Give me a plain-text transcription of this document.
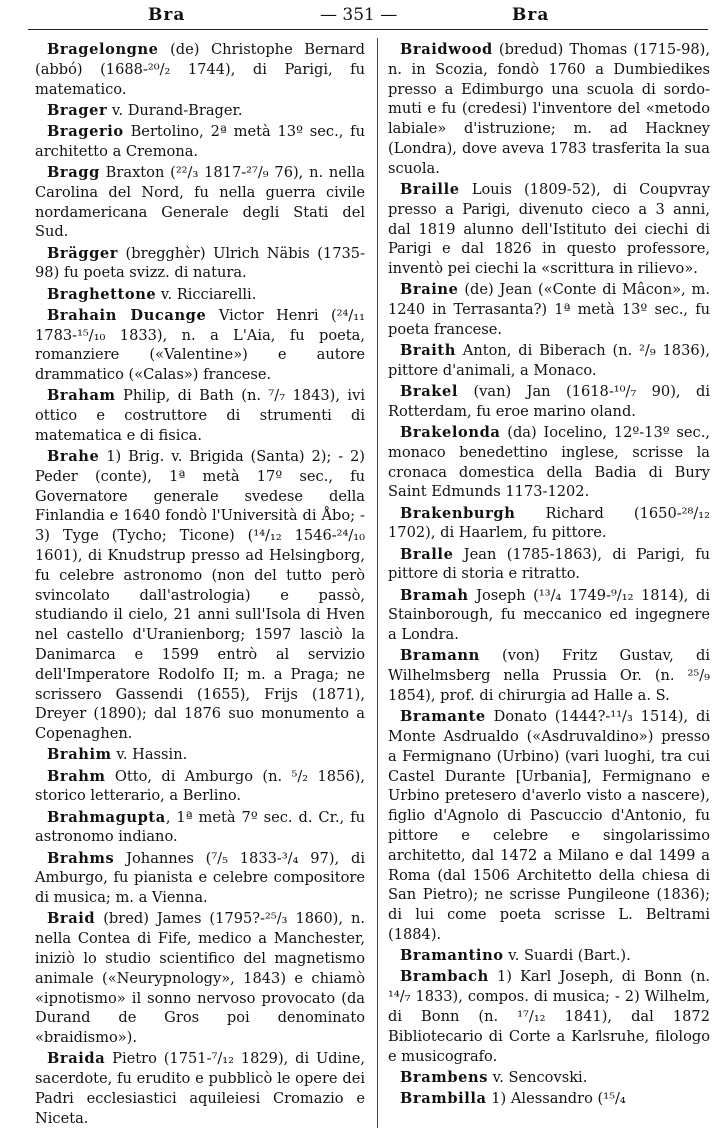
Bra	— 351 —	Bra

Bragelongne (de) Christophe Bernard (abbó) (1688-²⁰/₂ 1744), di Parigi, fu matematico.

Brager v. Durand-Brager.

Bragerio Bertolino, 2ª metà 13º sec., fu architetto a Cremona.

Bragg Braxton (²²/₃ 1817-²⁷/₉ 76), n. nella Carolina del Nord, fu nella guerra civile nordamericana Generale degli Stati del Sud.

Brägger (bregghèr) Ulrich Näbis (1735-98) fu poeta svizz. di natura.

Braghettone v. Ricciarelli.

Brahain Ducange Victor Henri (²⁴/₁₁ 1783-¹⁵/₁₀ 1833), n. a L'Aia, fu poeta, romanziere («Valentine») e autore drammatico («Calas») francese.

Braham Philip, di Bath (n. ⁷/₇ 1843), ivi ottico e costruttore di strumenti di matematica e di fisica.

Brahe 1) Brig. v. Brigida (Santa) 2); - 2) Peder (conte), 1ª metà 17º sec., fu Governatore generale svedese della Finlandia e 1640 fondò l'Università di Åbo; - 3) Tyge (Tycho; Ticone) (¹⁴/₁₂ 1546-²⁴/₁₀ 1601), di Knudstrup presso ad Helsingborg, fu celebre astronomo (non del tutto però svincolato dall'astrologia) e passò, studiando il cielo, 21 anni sull'Isola di Hven nel castello d'Uranienborg; 1597 lasciò la Danimarca e 1599 entrò al servizio dell'Imperatore Rodolfo II; m. a Praga; ne scrissero Gassendi (1655), Frijs (1871), Dreyer (1890); dal 1876 suo monumento a Copenaghen.

Brahim v. Hassin.

Brahm Otto, di Amburgo (n. ⁵/₂ 1856), storico letterario, a Berlino.

Brahmagupta, 1ª metà 7º sec. d. Cr., fu astronomo indiano.

Brahms Johannes (⁷/₅ 1833-³/₄ 97), di Amburgo, fu pianista e celebre compositore di musica; m. a Vienna.

Braid (bred) James (1795?-²⁵/₃ 1860), n. nella Contea di Fife, medico a Manchester, iniziò lo studio scientifico del magnetismo animale («Neurypnology», 1843) e chiamò «ipnotismo» il sonno nervoso provocato (da Durand de Gros poi denominato «braidismo»).

Braida Pietro (1751-⁷/₁₂ 1829), di Udine, sacerdote, fu erudito e pubblicò le opere dei Padri ecclesiastici aquileiesi Cromazio e Niceta.

Braidwood (bredud) Thomas (1715-98), n. in Scozia, fondò 1760 a Dumbiedikes presso a Edimburgo una scuola di sordo-muti e fu (credesi) l'inventore del «metodo labiale» d'istruzione; m. ad Hackney (Londra), dove aveva 1783 trasferita la sua scuola.

Braille Louis (1809-52), di Coupvray presso a Parigi, divenuto cieco a 3 anni, dal 1819 alunno dell'Istituto dei ciechi di Parigi e dal 1826 in questo professore, inventò pei ciechi la «scrittura in rilievo».

Braine (de) Jean («Conte di Mâcon», m. 1240 in Terrasanta?) 1ª metà 13º sec., fu poeta francese.

Braith Anton, di Biberach (n. ²/₉ 1836), pittore d'animali, a Monaco.

Brakel (van) Jan (1618-¹⁰/₇ 90), di Rotterdam, fu eroe marino oland.

Brakelonda (da) Iocelino, 12º-13º sec., monaco benedettino inglese, scrisse la cronaca domestica della Badia di Bury Saint Edmunds 1173-1202.

Brakenburgh Richard (1650-²⁸/₁₂ 1702), di Haarlem, fu pittore.

Bralle Jean (1785-1863), di Parigi, fu pittore di storia e ritratto.

Bramah Joseph (¹³/₄ 1749-⁹/₁₂ 1814), di Stainborough, fu meccanico ed ingegnere a Londra.

Bramann (von) Fritz Gustav, di Wilhelmsberg nella Prussia Or. (n. ²⁵/₉ 1854), prof. di chirurgia ad Halle a. S.

Bramante Donato (1444?-¹¹/₃ 1514), di Monte Asdrualdo («Asdruvaldino») presso a Fermignano (Urbino) (vari luoghi, tra cui Castel Durante [Urbania], Fermignano e Urbino pretesero d'averlo visto a nascere), figlio d'Agnolo di Pascuccio d'Antonio, fu pittore e celebre e singolarissimo architetto, dal 1472 a Milano e dal 1499 a Roma (dal 1506 Architetto della chiesa di San Pietro); ne scrisse Pungileone (1836); di lui come poeta scrisse L. Beltrami (1884).

Bramantino v. Suardi (Bart.).

Brambach 1) Karl Joseph, di Bonn (n. ¹⁴/₇ 1833), compos. di musica; - 2) Wilhelm, di Bonn (n. ¹⁷/₁₂ 1841), dal 1872 Bibliotecario di Corte a Karlsruhe, filologo e musicografo.

Brambens v. Sencovski.

Brambilla 1) Alessandro (¹⁵/₄
